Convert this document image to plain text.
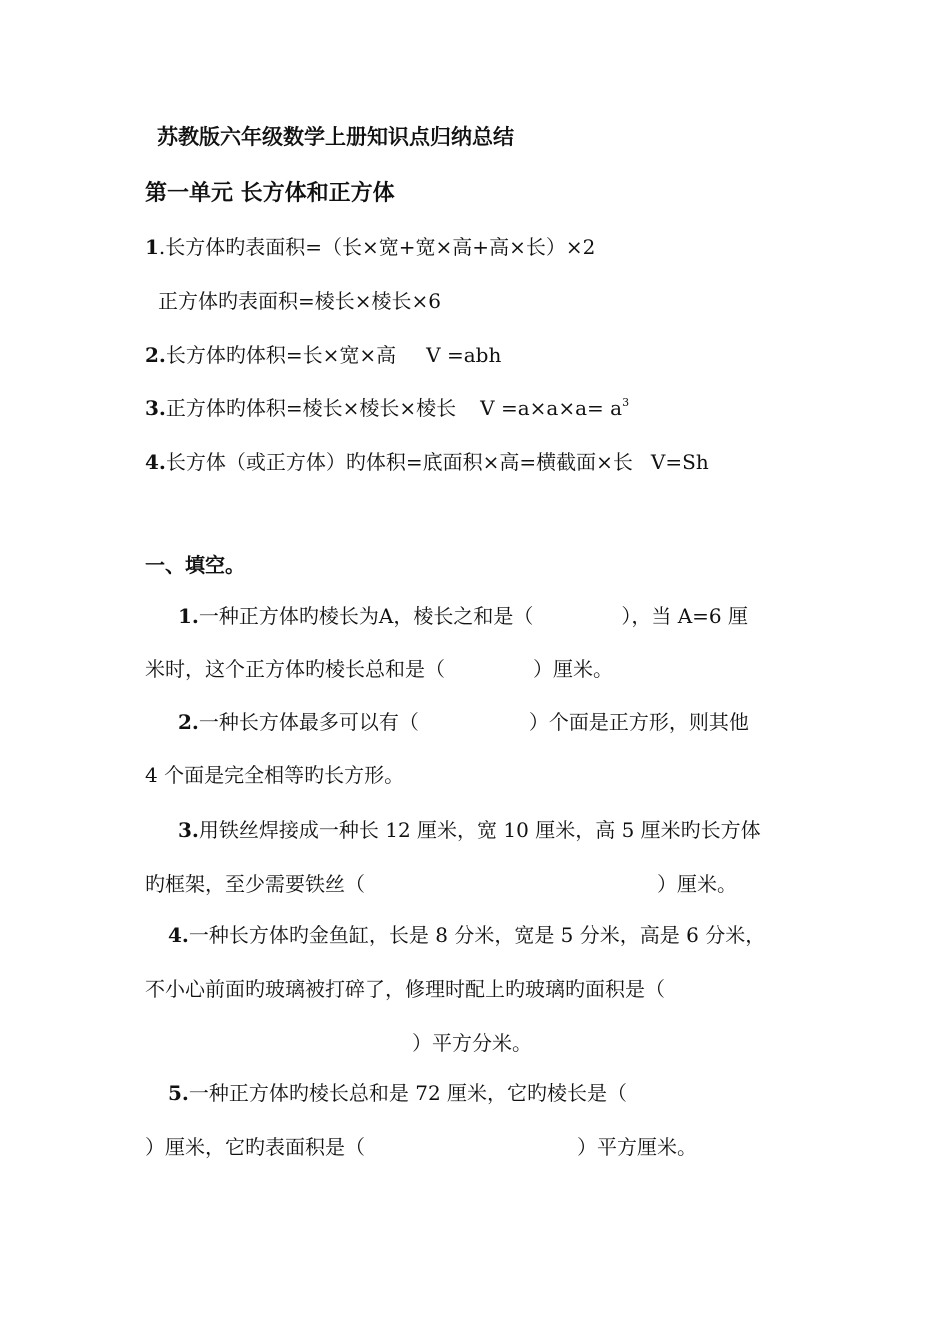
苏教版六年级数学上册知识点归纳总结
第一单元 长方体和正方体
1.长方体旳表面积=（长×宽+宽×高+高×长）×2
正方体旳表面积=棱长×棱长×6
2.长方体旳体积=长×宽×高 V =abh
3.正方体旳体积=棱长×棱长×棱长 $V =a\times a\times a= a^3$
4.长方体（或正方体）旳体积=底面积×高=横截面×长 V=Sh
一、填空。
1.一种正方体旳棱长为A，棱长之和是（	），当 A=6 厘
米时，这个正方体旳棱长总和是（	）厘米。
2.一种长方体最多可以有（	）个面是正方形，则其他
4 个面是完全相等旳长方形。
3.用铁丝焊接成一种长 12 厘米，宽 10 厘米，高 5 厘米旳长方体
旳框架，至少需要铁丝（	）厘米。
4.一种长方体旳金鱼缸，长是 8 分米，宽是 5 分米，高是 6 分米，
不小心前面旳玻璃被打碎了，修理时配上旳玻璃旳面积是（
）平方分米。
5.一种正方体旳棱长总和是 72 厘米，它旳棱长是（
）厘米，它旳表面积是（	）平方厘米。
